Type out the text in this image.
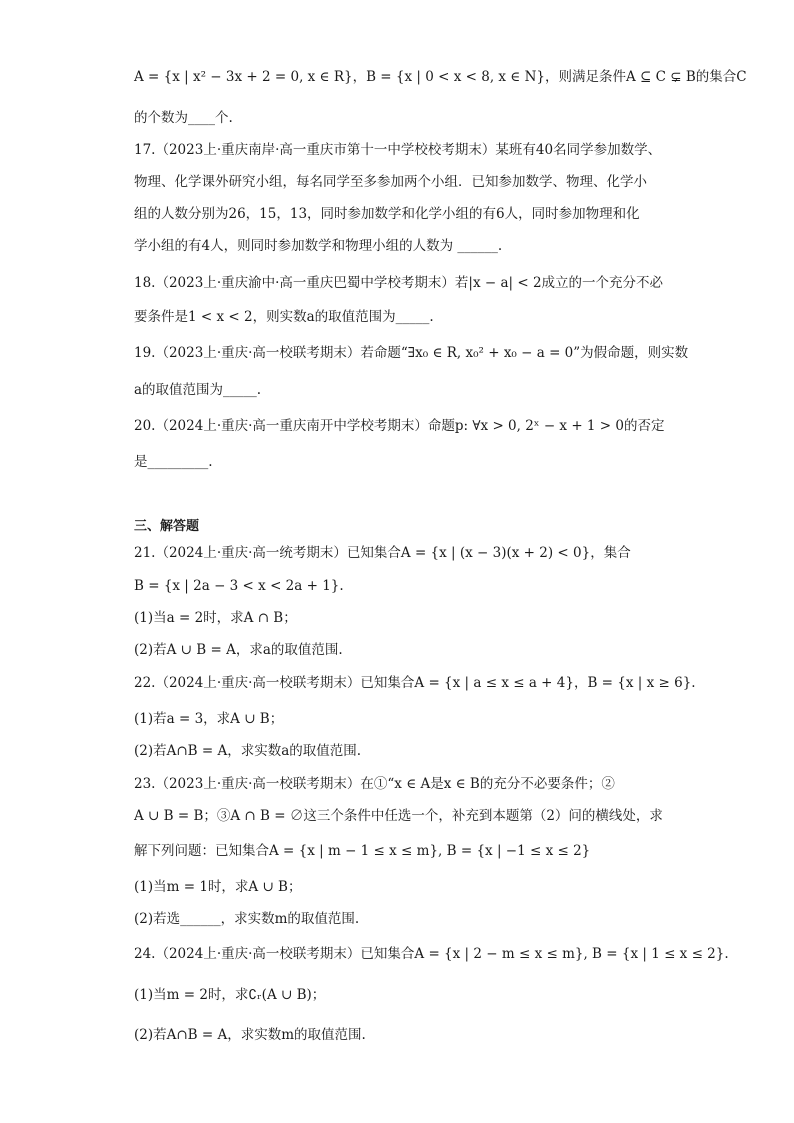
A = {x | x² − 3x + 2 = 0, x ∈ R}，B = {x | 0 < x < 8, x ∈ N}，则满足条件A ⊆ C ⊊ B的集合C
的个数为____个.
17.（2023上·重庆南岸·高一重庆市第十一中学校校考期末）某班有40名同学参加数学、
物理、化学课外研究小组，每名同学至多参加两个小组．已知参加数学、物理、化学小
组的人数分别为26，15，13，同时参加数学和化学小组的有6人，同时参加物理和化
学小组的有4人，则同时参加数学和物理小组的人数为 ______.
18.（2023上·重庆渝中·高一重庆巴蜀中学校考期末）若|x − a| < 2成立的一个充分不必
要条件是1 < x < 2，则实数a的取值范围为_____.
19.（2023上·重庆·高一校联考期末）若命题“∃x₀ ∈ R, x₀² + x₀ − a = 0”为假命题，则实数
a的取值范围为_____.
20.（2024上·重庆·高一重庆南开中学校考期末）命题p: ∀x > 0, 2ˣ − x + 1 > 0的否定
是_________.
三、解答题
21.（2024上·重庆·高一统考期末）已知集合A = {x | (x − 3)(x + 2) < 0}，集合
B = {x | 2a − 3 < x < 2a + 1}.
(1)当a = 2时，求A ∩ B；
(2)若A ∪ B = A，求a的取值范围.
22.（2024上·重庆·高一校联考期末）已知集合A = {x | a ≤ x ≤ a + 4}，B = {x | x ≥ 6}.
(1)若a = 3，求A ∪ B；
(2)若A∩B = A，求实数a的取值范围.
23.（2023上·重庆·高一校联考期末）在①“x ∈ A是x ∈ B的充分不必要条件；②
A ∪ B = B；③A ∩ B = ∅这三个条件中任选一个，补充到本题第（2）问的横线处，求
解下列问题：已知集合A = {x | m − 1 ≤ x ≤ m}, B = {x | −1 ≤ x ≤ 2}
(1)当m = 1时，求A ∪ B；
(2)若选______，求实数m的取值范围.
24.（2024上·重庆·高一校联考期末）已知集合A = {x | 2 − m ≤ x ≤ m}, B = {x | 1 ≤ x ≤ 2}.
(1)当m = 2时，求∁ᵣ(A ∪ B)；
(2)若A∩B = A，求实数m的取值范围.
